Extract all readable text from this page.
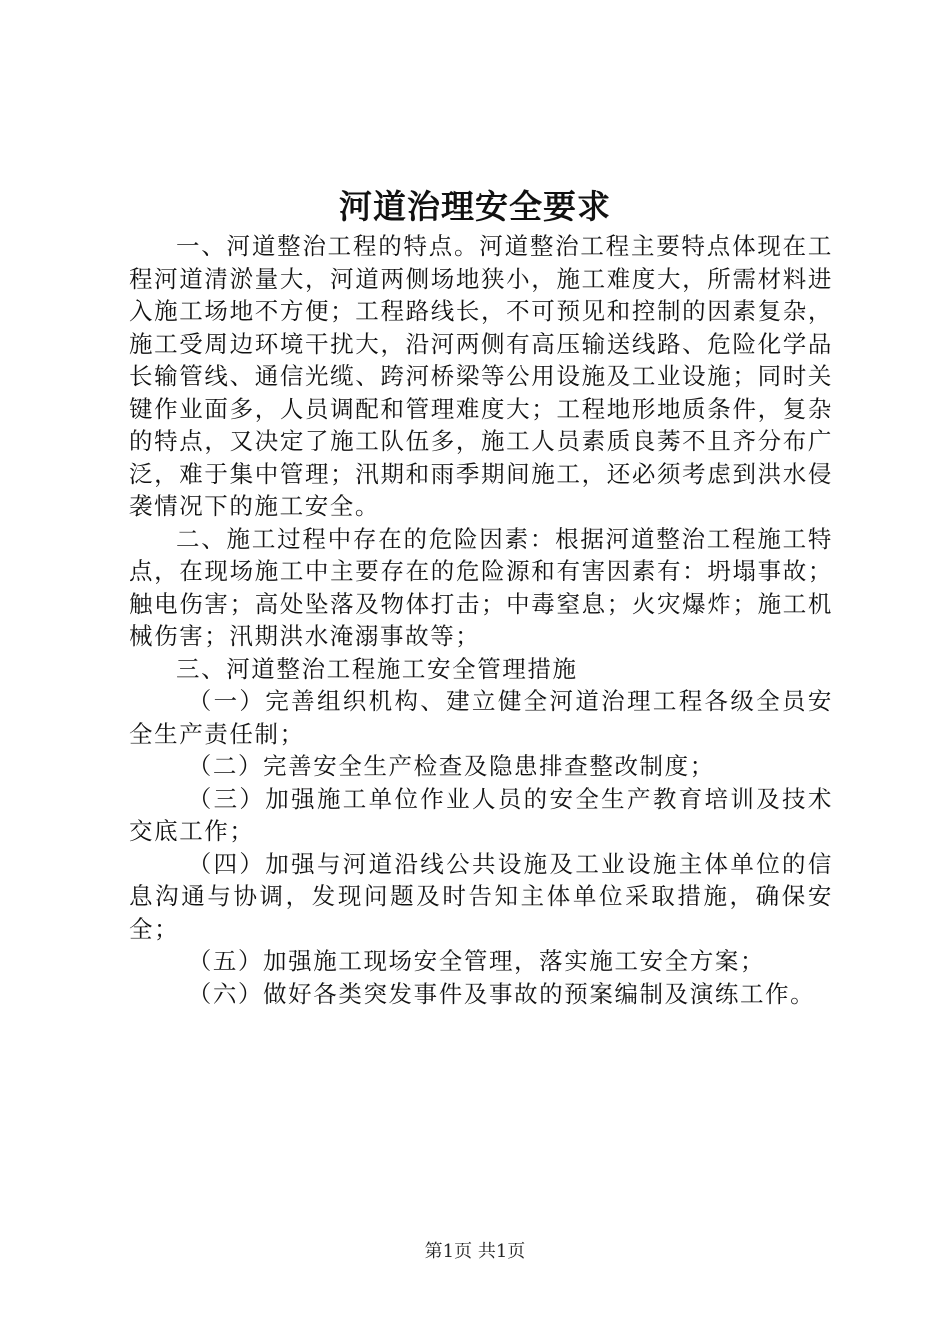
河道治理安全要求

一、河道整治工程的特点。河道整治工程主要特点体现在工程河道清淤量大，河道两侧场地狭小，施工难度大，所需材料进入施工场地不方便；工程路线长，不可预见和控制的因素复杂，施工受周边环境干扰大，沿河两侧有高压输送线路、危险化学品长输管线、通信光缆、跨河桥梁等公用设施及工业设施；同时关键作业面多，人员调配和管理难度大；工程地形地质条件，复杂的特点，又决定了施工队伍多，施工人员素质良莠不且齐分布广泛，难于集中管理；汛期和雨季期间施工，还必须考虑到洪水侵袭情况下的施工安全。

二、施工过程中存在的危险因素：根据河道整治工程施工特点，在现场施工中主要存在的危险源和有害因素有：坍塌事故；触电伤害；高处坠落及物体打击；中毒窒息；火灾爆炸；施工机械伤害；汛期洪水淹溺事故等；

三、河道整治工程施工安全管理措施

（一）完善组织机构、建立健全河道治理工程各级全员安全生产责任制；

（二）完善安全生产检查及隐患排查整改制度；

（三）加强施工单位作业人员的安全生产教育培训及技术交底工作；

（四）加强与河道沿线公共设施及工业设施主体单位的信息沟通与协调，发现问题及时告知主体单位采取措施，确保安全；

（五）加强施工现场安全管理，落实施工安全方案；

（六）做好各类突发事件及事故的预案编制及演练工作。

第1页 共1页
